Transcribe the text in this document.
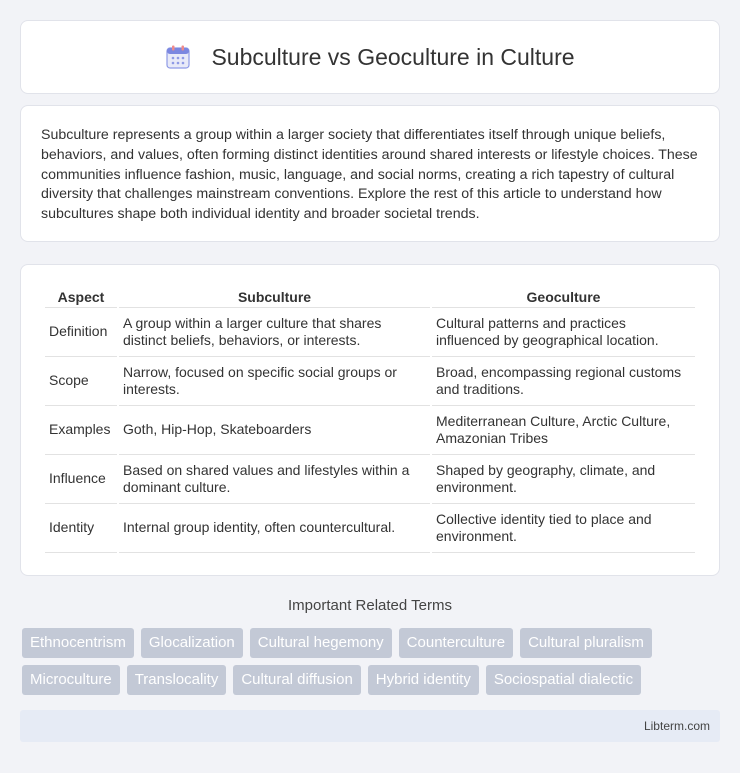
Subculture vs Geoculture in Culture

Subculture represents a group within a larger society that differentiates itself through unique beliefs, behaviors, and values, often forming distinct identities around shared interests or lifestyle choices. These communities influence fashion, music, language, and social norms, creating a rich tapestry of cultural diversity that challenges mainstream conventions. Explore the rest of this article to understand how subcultures shape both individual identity and broader societal trends.

Aspect	Subculture	Geoculture
Definition	A group within a larger culture that shares distinct beliefs, behaviors, or interests.	Cultural patterns and practices influenced by geographical location.
Scope	Narrow, focused on specific social groups or interests.	Broad, encompassing regional customs and traditions.
Examples	Goth, Hip-Hop, Skateboarders	Mediterranean Culture, Arctic Culture, Amazonian Tribes
Influence	Based on shared values and lifestyles within a dominant culture.	Shaped by geography, climate, and environment.
Identity	Internal group identity, often countercultural.	Collective identity tied to place and environment.
Important Related Terms
Ethnocentrism	Glocalization	Cultural hegemony	Counterculture	Cultural pluralism
Microculture	Translocality	Cultural diffusion	Hybrid identity	Sociospatial dialectic
Libterm.com
